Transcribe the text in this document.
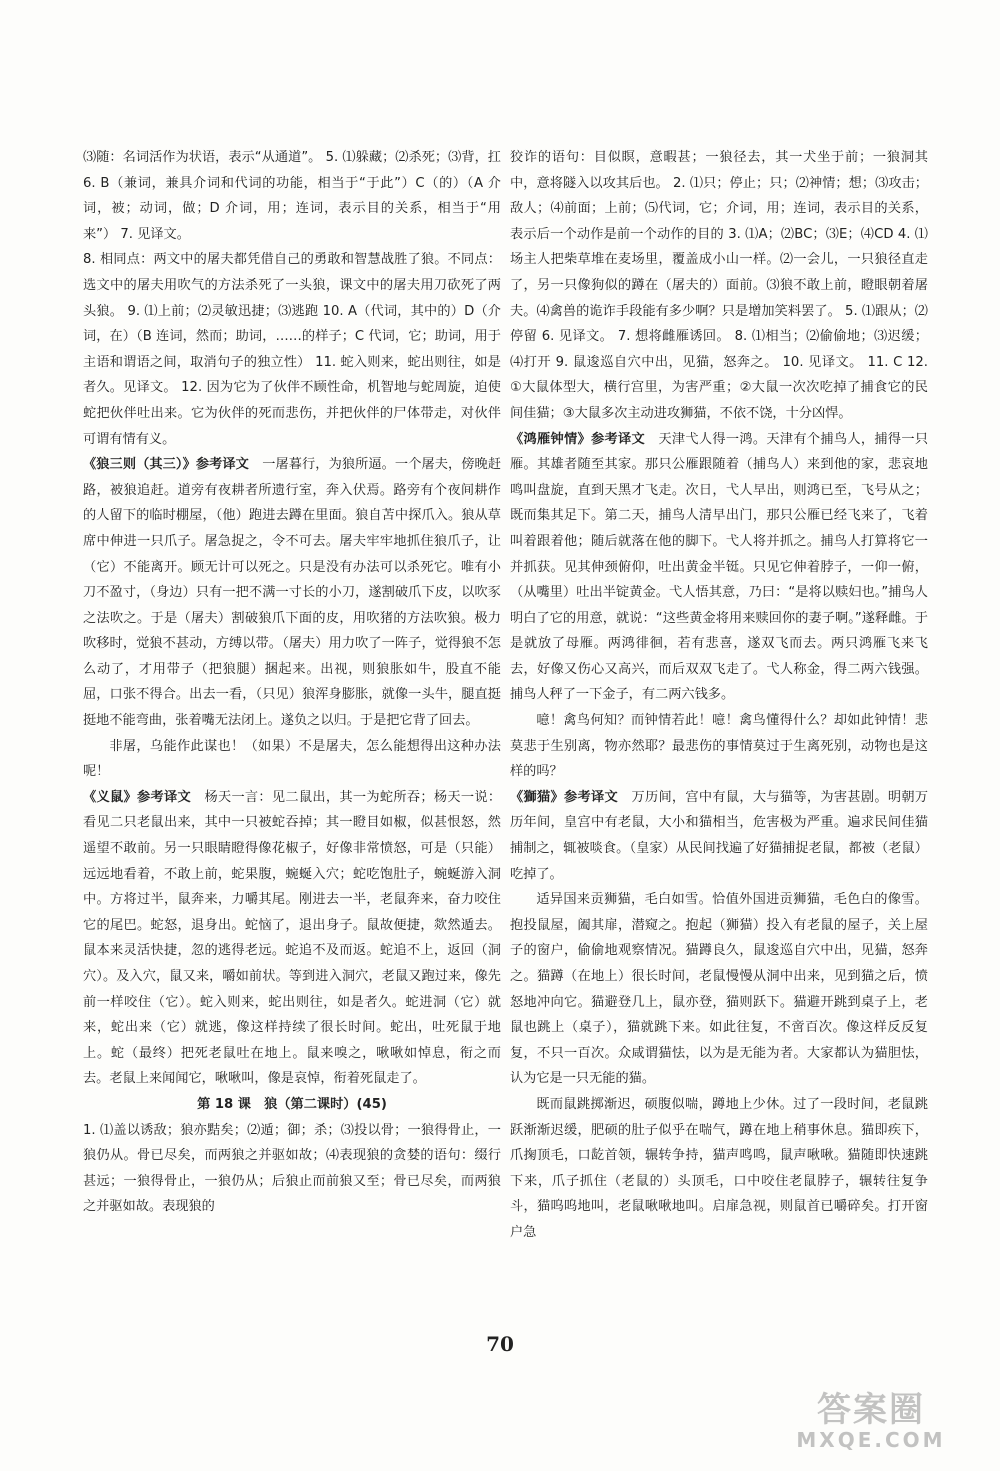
⑶随：名词活作为状语，表示“从通道”。 5. ⑴躲藏；⑵杀死；⑶背，扛 6. B（兼词，兼具介词和代词的功能，相当于“于此”）C（的）（A 介词，被；动词，做；D 介词，用；连词，表示目的关系，相当于“用来”） 7. 见译文。

8. 相同点：两文中的屠夫都凭借自己的勇敢和智慧战胜了狼。不同点：选文中的屠夫用吹气的方法杀死了一头狼，课文中的屠夫用刀砍死了两头狼。 9. ⑴上前；⑵灵敏迅捷；⑶逃跑 10. A（代词，其中的）D（介词，在）（B 连词，然而；助词，……的样子；C 代词，它；助词，用于主语和谓语之间，取消句子的独立性） 11. 蛇入则来，蛇出则往，如是者久。见译文。 12. 因为它为了伙伴不顾性命，机智地与蛇周旋，迫使蛇把伙伴吐出来。它为伙伴的死而悲伤，并把伙伴的尸体带走，对伙伴可谓有情有义。

《狼三则（其三）》参考译文　 一屠暮行，为狼所逼。一个屠夫，傍晚赶路，被狼追赶。道旁有夜耕者所遗行室，奔入伏焉。路旁有个夜间耕作的人留下的临时棚屋，（他）跑进去蹲在里面。狼自苫中探爪入。狼从草席中伸进一只爪子。屠急捉之，令不可去。屠夫牢牢地抓住狼爪子，让（它）不能离开。顾无计可以死之。只是没有办法可以杀死它。唯有小刀不盈寸，（身边）只有一把不满一寸长的小刀，遂割破爪下皮，以吹豕之法吹之。于是（屠夫）割破狼爪下面的皮，用吹猪的方法吹狼。极力吹移时，觉狼不甚动，方缚以带。（屠夫）用力吹了一阵子，觉得狼不怎么动了，才用带子（把狼腿）捆起来。出视，则狼胀如牛，股直不能屈，口张不得合。出去一看，（只见）狼浑身膨胀，就像一头牛，腿直挺挺地不能弯曲，张着嘴无法闭上。遂负之以归。于是把它背了回去。

非屠，乌能作此谋也！（如果）不是屠夫，怎么能想得出这种办法呢！

《义鼠》参考译文　 杨天一言：见二鼠出，其一为蛇所吞；杨天一说：看见二只老鼠出来，其中一只被蛇吞掉；其一瞪目如椒，似甚恨怒，然遥望不敢前。另一只眼睛瞪得像花椒子，好像非常愤怒，可是（只能）远远地看着，不敢上前，蛇果腹，蜿蜒入穴；蛇吃饱肚子，蜿蜒游入洞中。方将过半，鼠奔来，力嚼其尾。刚进去一半，老鼠奔来，奋力咬住它的尾巴。蛇怒，退身出。蛇恼了，退出身子。鼠故便捷，欻然遁去。鼠本来灵活快捷，忽的逃得老远。蛇追不及而返。蛇追不上，返回（洞穴）。及入穴，鼠又来，嚼如前状。等到进入洞穴，老鼠又跑过来，像先前一样咬住（它）。蛇入则来，蛇出则往，如是者久。蛇进洞（它）就来，蛇出来（它）就逃，像这样持续了很长时间。蛇出，吐死鼠于地上。蛇（最终）把死老鼠吐在地上。鼠来嗅之，啾啾如悼息，衔之而去。老鼠上来闻闻它，啾啾叫，像是哀悼，衔着死鼠走了。

第 18 课　狼（第二课时）(45)

1. ⑴盖以诱敌；狼亦黠矣；⑵遁；御；杀；⑶投以骨；一狼得骨止，一狼仍从。骨已尽矣，而两狼之并驱如故；⑷表现狼的贪婪的语句：缀行甚远；一狼得骨止，一狼仍从；后狼止而前狼又至；骨已尽矣，而两狼之并驱如故。表现狼的

狡诈的语句：目似瞑，意暇甚；一狼径去，其一犬坐于前；一狼洞其中，意将隧入以攻其后也。 2. ⑴只；停止；只；⑵神情；想；⑶攻击；敌人；⑷前面；上前；⑸代词，它；介词，用；连词，表示目的关系，表示后一个动作是前一个动作的目的 3. ⑴A；⑵BC；⑶E；⑷CD 4. ⑴场主人把柴草堆在麦场里，覆盖成小山一样。⑵一会儿，一只狼径直走了，另一只像狗似的蹲在（屠夫的）面前。⑶狼不敢上前，瞪眼朝着屠夫。⑷禽兽的诡诈手段能有多少啊？只是增加笑料罢了。 5. ⑴跟从；⑵停留 6. 见译文。 7. 想将雌雁诱回。 8. ⑴相当；⑵偷偷地；⑶迟缓；⑷打开 9. 鼠逡巡自穴中出，见猫，怒奔之。 10. 见译文。 11. C 12. ①大鼠体型大，横行宫里，为害严重；②大鼠一次次吃掉了捕食它的民间佳猫；③大鼠多次主动进攻狮猫，不依不饶，十分凶悍。

《鸿雁钟情》参考译文　 天津弋人得一鸿。天津有个捕鸟人，捕得一只雁。其雄者随至其家。那只公雁跟随着（捕鸟人）来到他的家，悲哀地鸣叫盘旋，直到天黑才飞走。次日，弋人早出，则鸿已至，飞号从之；既而集其足下。第二天，捕鸟人清早出门，那只公雁已经飞来了，飞着叫着跟着他；随后就落在他的脚下。弋人将并抓之。捕鸟人打算将它一并抓获。见其伸颈俯仰，吐出黄金半铤。只见它伸着脖子，一仰一俯，（从嘴里）吐出半锭黄金。弋人悟其意，乃曰：“是将以赎妇也。”捕鸟人明白了它的用意，就说：“这些黄金将用来赎回你的妻子啊。”遂释雌。于是就放了母雁。两鸿徘徊，若有悲喜，遂双飞而去。两只鸿雁飞来飞去，好像又伤心又高兴，而后双双飞走了。弋人称金，得二两六钱强。捕鸟人秤了一下金子，有二两六钱多。

噫！禽鸟何知？而钟情若此！噫！禽鸟懂得什么？却如此钟情！悲莫悲于生别离，物亦然耶？最悲伤的事情莫过于生离死别，动物也是这样的吗？

《獅猫》参考译文　 万历间，宫中有鼠，大与猫等，为害甚剧。明朝万历年间，皇宫中有老鼠，大小和猫相当，危害极为严重。遍求民间佳猫捕制之，辄被啖食。（皇家）从民间找遍了好猫捕捉老鼠，都被（老鼠）吃掉了。

适异国来贡狮猫，毛白如雪。恰值外国进贡狮猫，毛色白的像雪。抱投鼠屋，阖其扉，潜窥之。抱起（狮猫）投入有老鼠的屋子，关上屋子的窗户，偷偷地观察情况。猫蹲良久，鼠逡巡自穴中出，见猫，怒奔之。猫蹲（在地上）很长时间，老鼠慢慢从洞中出来，见到猫之后，愤怒地冲向它。猫避登几上，鼠亦登，猫则跃下。猫避开跳到桌子上，老鼠也跳上（桌子），猫就跳下来。如此往复，不啻百次。像这样反反复复，不只一百次。众咸谓猫怯，以为是无能为者。大家都认为猫胆怯，认为它是一只无能的猫。

既而鼠跳掷渐迟，硕腹似喘，蹲地上少休。过了一段时间，老鼠跳跃渐渐迟缓，肥硕的肚子似乎在喘气，蹲在地上稍事休息。猫即疾下，爪掬顶毛，口龁首领，辗转争持，猫声鸣鸣，鼠声啾啾。猫随即快速跳下来，爪子抓住（老鼠的）头顶毛，口中咬住老鼠脖子，辗转往复争斗，猫呜呜地叫，老鼠啾啾地叫。启扉急视，则鼠首已嚼碎矣。打开窗户急

70
答案圈
MXQE.COM
